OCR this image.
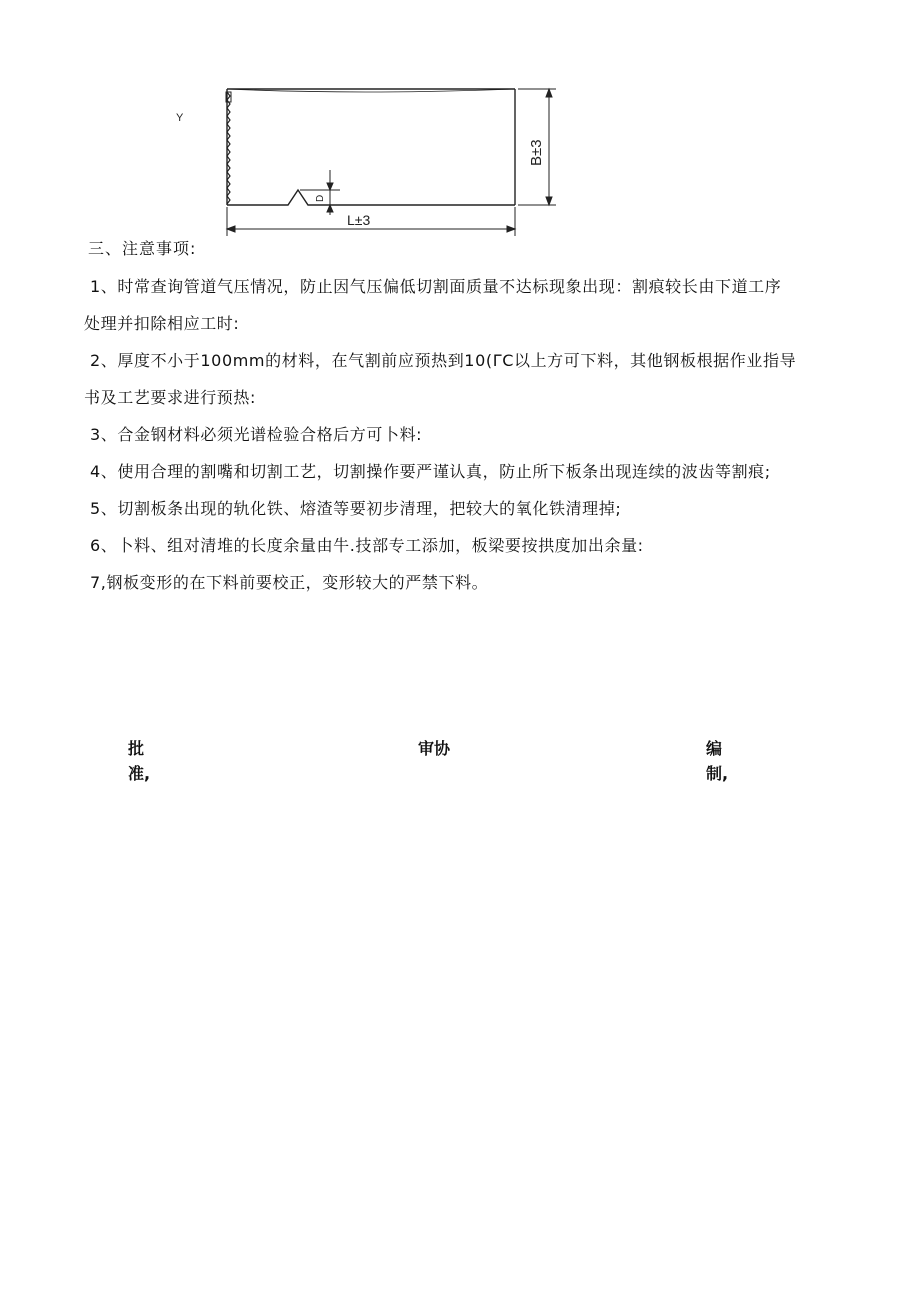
Y
B±3
D
L±3
三、注意事项:
1、时常查询管道气压情况，防止因气压偏低切割面质量不达标现象出现：割痕较长由下道工序
处理并扣除相应工时:
2、厚度不小于100mm的材料，在气割前应预热到10(ΓC以上方可下料，其他钢板根据作业指导
书及工艺要求进行预热:
3、合金钢材料必须光谱检验合格后方可卜料:
4、使用合理的割嘴和切割工艺，切割操作要严谨认真，防止所下板条出现连续的波齿等割痕;
5、切割板条出现的轨化铁、熔渣等要初步清理，把较大的氧化铁清理掉;
6、卜料、组对清堆的长度余量由牛.技部专工添加，板梁要按拱度加出余量:
7,钢板变形的在下料前要校正，变形较大的严禁下料。
批
准,
审协	编
制,
